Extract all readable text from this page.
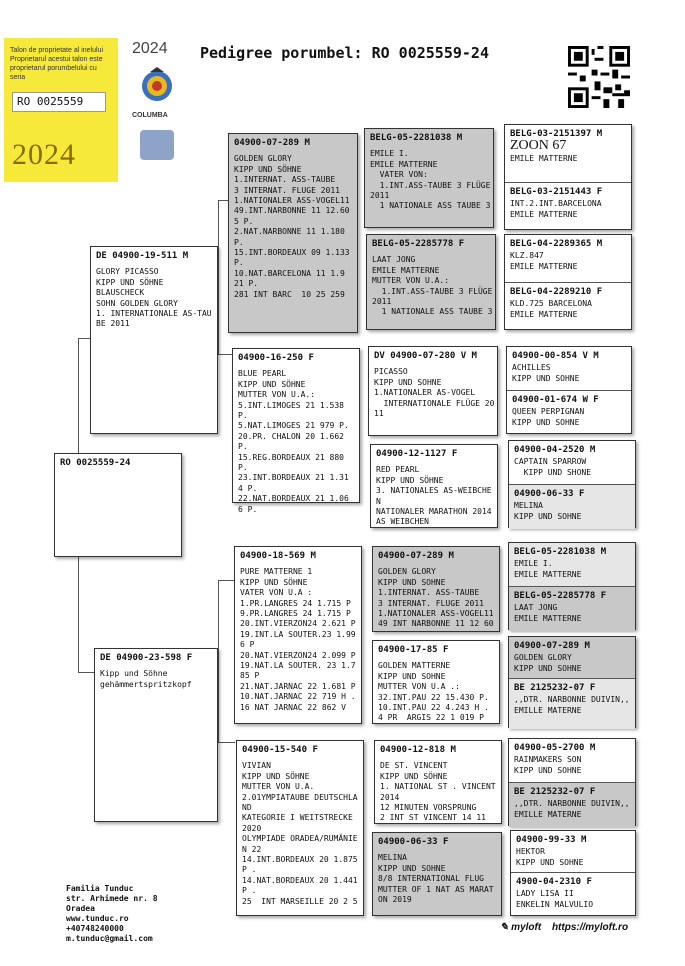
Talon de proprietate al inelului
Proprietarul acestui talon este
proprietarul porumbelului cu seria
RO 0025559
2024
2024
COLUMBA
Pedigree porumbel: RO 0025559-24
RO 0025559-24
DE 04900-19-511 M
GLORY PICASSO
KIPP UND SÖHNE
BLAUSCHECK
SOHN GOLDEN GLORY
1. INTERNATIONALE AS-TAU
BE 2011
DE 04900-23-598 F
Kipp und Söhne
gehämmertspritzkopf
04900-07-289 M
GOLDEN GLORY
KIPP UND SÖHNE
1.INTERNAT. ASS-TAUBE
3 INTERNAT. FLUGE 2011
1.NATIONALER ASS-VOGEL11
49.INT.NARBONNE 11 12.60
5 P.
2.NAT.NARBONNE 11 1.180
P.
15.INT.BORDEAUX 09 1.133
P.
10.NAT.BARCELONA 11 1.9
21 P.
281 INT BARC  10 25 259
04900-16-250 F
BLUE PEARL
KIPP UND SÖHNE
MUTTER VON U.A.:
5.INT.LIMOGES 21 1.538
P.
5.NAT.LIMOGES 21 979 P.
20.PR. CHALON 20 1.662
P.
15.REG.BORDEAUX 21 880
P.
23.INT.BORDEAUX 21 1.31
4 P.
22.NAT.BORDEAUX 21 1.06
6 P.
04900-18-569 M
PURE MATTERNE 1
KIPP UND SÖHNE
VATER VON U.A :
1.PR.LANGRES 24 1.715 P
9.PR.LANGRES 24 1.715 P
20.INT.VIERZON24 2.621 P
19.INT.LA SOUTER.23 1.99
6 P
20.NAT.VIERZON24 2.099 P
19.NAT.LA SOUTER. 23 1.7
85 P
21.NAT.JARNAC 22 1.681 P
10.NAT.JARNAC 22 719 H .
16 NAT JARNAC 22 862 V
04900-15-540 F
VIVIAN
KIPP UND SÖHNE
MUTTER VON U.A.
2.01YMPIATAUBE DEUTSCHLA
ND
KATEGORIE I WEITSTRECKE
2020
OLYMPIADE ORADEA/RUMÄNIE
N 22
14.INT.BORDEAUX 20 1.875
P .
14.NAT.BORDEAUX 20 1.441
P .
25  INT MARSEILLE 20 2 5
BELG-05-2281038 M
EMILE I.
EMILE MATTERNE
VATER VON:
1.INT.ASS-TAUBE 3 FLÜGE
2011
1 NATIONALE ASS TAUBE 3
BELG-05-2285778 F
LAAT JONG
EMILE MATTERNE
MUTTER VON U.A.:
1.INT.ASS-TAUBE 3 FLÜGE
2011
1 NATIONALE ASS TAUBE 3
DV 04900-07-280 V M
PICASSO
KIPP UND SOHNE
1.NATIONALER AS-VOGEL
INTERNATIONALE FLÜGE 20
11
04900-12-1127 F
RED PEARL
KIPP UND SÖHNE
3. NATIONALES AS-WEIBCHE
N
NATIONALER MARATHON 2014
AS WEIBCHEN
04900-07-289 M
GOLDEN GLORY
KIPP UND SOHNE
1.INTERNAT. ASS-TAUBE
3 INTERNAT. FLUGE 2011
1.NATIONALER ASS-VOGEL11
49 INT NARBONNE 11 12 60
04900-17-85 F
GOLDEN MATTERNE
KIPP UND SOHNE
MUTTER VON U.A .:
32.INT.PAU 22 15.430 P.
10.INT.PAU 22 4.243 H .
4 PR  ARGIS 22 1 019 P
04900-12-818 M
DE ST. VINCENT
KIPP UND SÖHNE
1. NATIONAL ST . VINCENT
2014
12 MINUTEN VORSPRUNG
2 INT ST VINCENT 14 11
04900-06-33 F
MELINA
KIPP UND SOHNE
8/8 INTERNATIONAL FLUG
MUTTER OF 1 NAT AS MARAT
ON 2019
BELG-03-2151397 M
ZOON 67
EMILE MATTERNE
BELG-03-2151443 F
INT.2.INT.BARCELONA
EMILE MATTERNE
BELG-04-2289365 M
KLZ.847
EMILE MATTERNE
BELG-04-2289210 F
KLD.725 BARCELONA
EMILE MATTERNE
04900-00-854 V M
ACHILLES
KIPP UND SOHNE
04900-01-674 W F
QUEEN PERPIGNAN
KIPP UND SOHNE
04900-04-2520 M
CAPTAIN SPARROW
KIPP UND SHONE
04900-06-33 F
MELINA
KIPP UND SOHNE
BELG-05-2281038 M
EMILE I.
EMILE MATTERNE
BELG-05-2285778 F
LAAT JONG
EMILE MATTERNE
04900-07-289 M
GOLDEN GLORY
KIPP UND SOHNE
BE 2125232-07 F
,,DTR. NARBONNE DUIVIN,,
EMILLE MATERNE
04900-05-2700 M
RAINMAKERS SON
KIPP UND SOHNE
BE 2125232-07 F
,,DTR. NARBONNE DUIVIN,,
EMILLE MATERNE
04900-99-33 M
HEKTOR
KIPP UND SOHNE
4900-04-2310 F
LADY LISA II
ENKELIN MALVULIO
Familia Tunduc
str. Arhimede nr. 8
Oradea
www.tunduc.ro
+40748240000
m.tunduc@gmail.com
✎ myloft https://myloft.ro
